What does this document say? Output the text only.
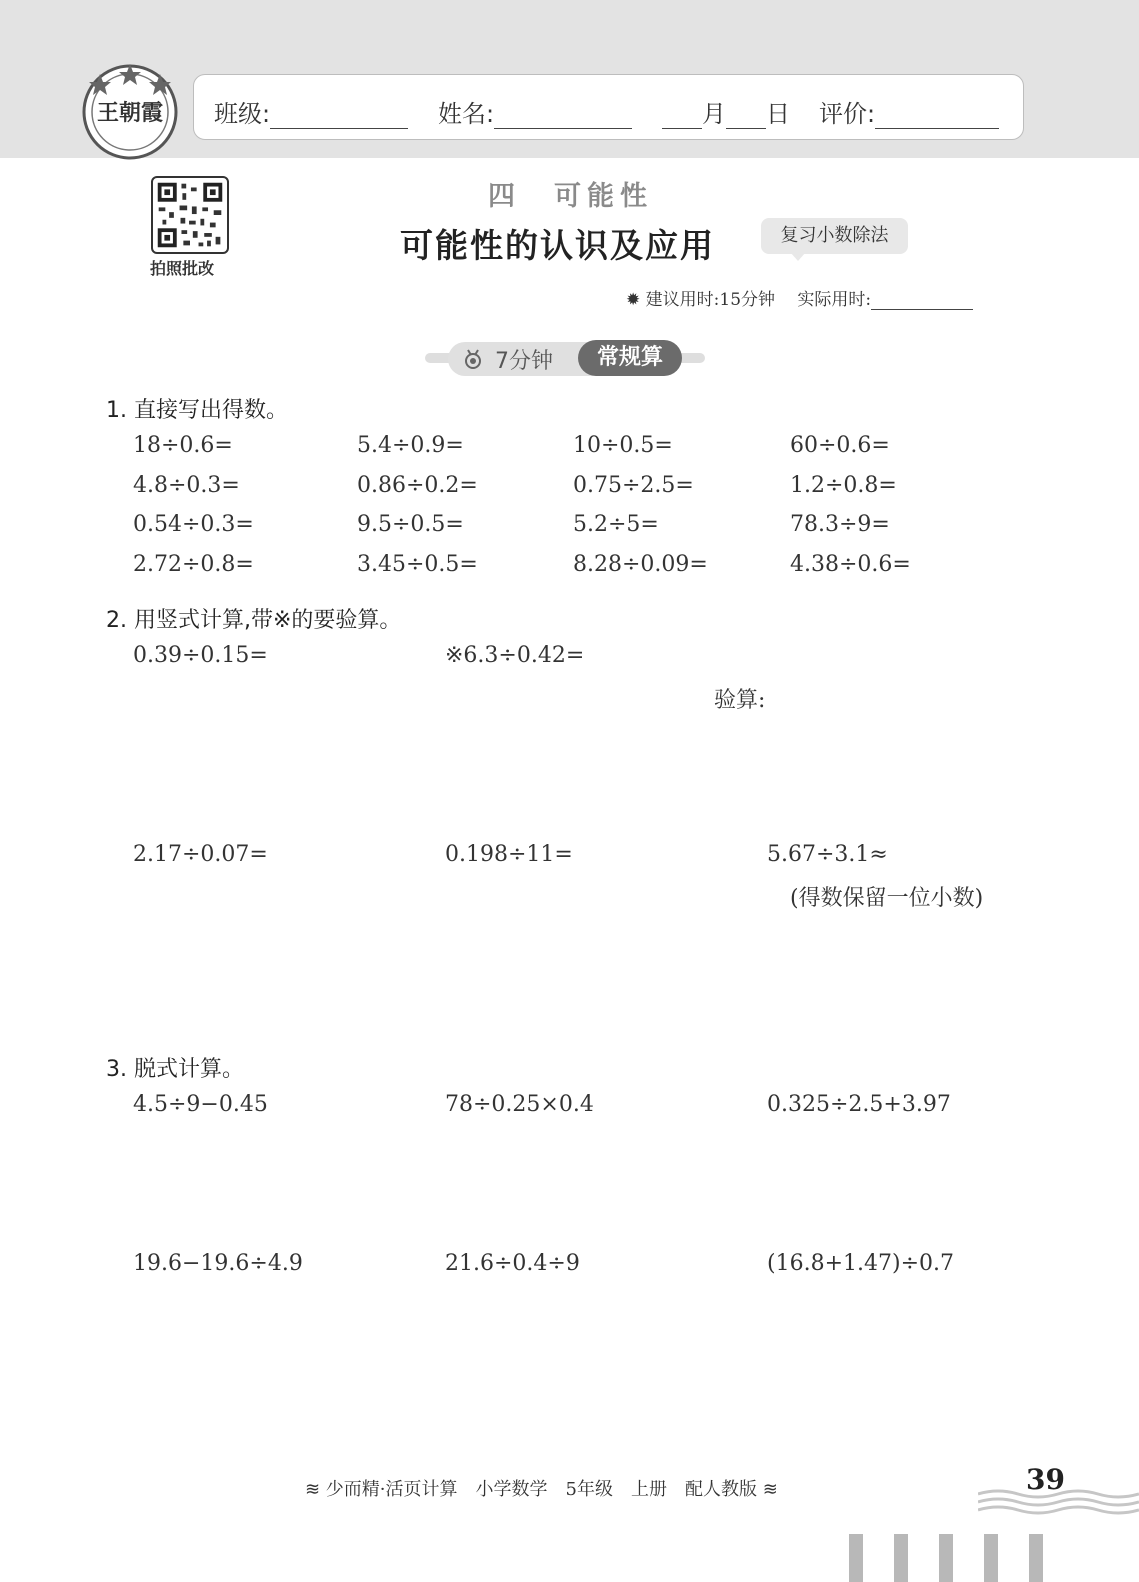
王朝霞 班级:	姓名:	月 日 评价:
拍照批改
四　可能性
可能性的认识及应用	复习小数除法
✹ 建议用时:15分钟　 实际用时:
7分钟	常规算
1. 直接写出得数。
18÷0.6=	5.4÷0.9=	10÷0.5=	60÷0.6=
4.8÷0.3=	0.86÷0.2=	0.75÷2.5=	1.2÷0.8=
0.54÷0.3=	9.5÷0.5=	5.2÷5=	78.3÷9=
2.72÷0.8=	3.45÷0.5=	8.28÷0.09=	4.38÷0.6=
2. 用竖式计算,带※的要验算。
0.39÷0.15=	※6.3÷0.42=
验算:
2.17÷0.07=	0.198÷11=	5.67÷3.1≈
(得数保留一位小数)
3. 脱式计算。
4.5÷9−0.45	78÷0.25×0.4	0.325÷2.5+3.97
19.6−19.6÷4.9	21.6÷0.4÷9	(16.8+1.47)÷0.7
≋ 少而精·活页计算　小学数学　5年级　上册　配人教版 ≋	39
